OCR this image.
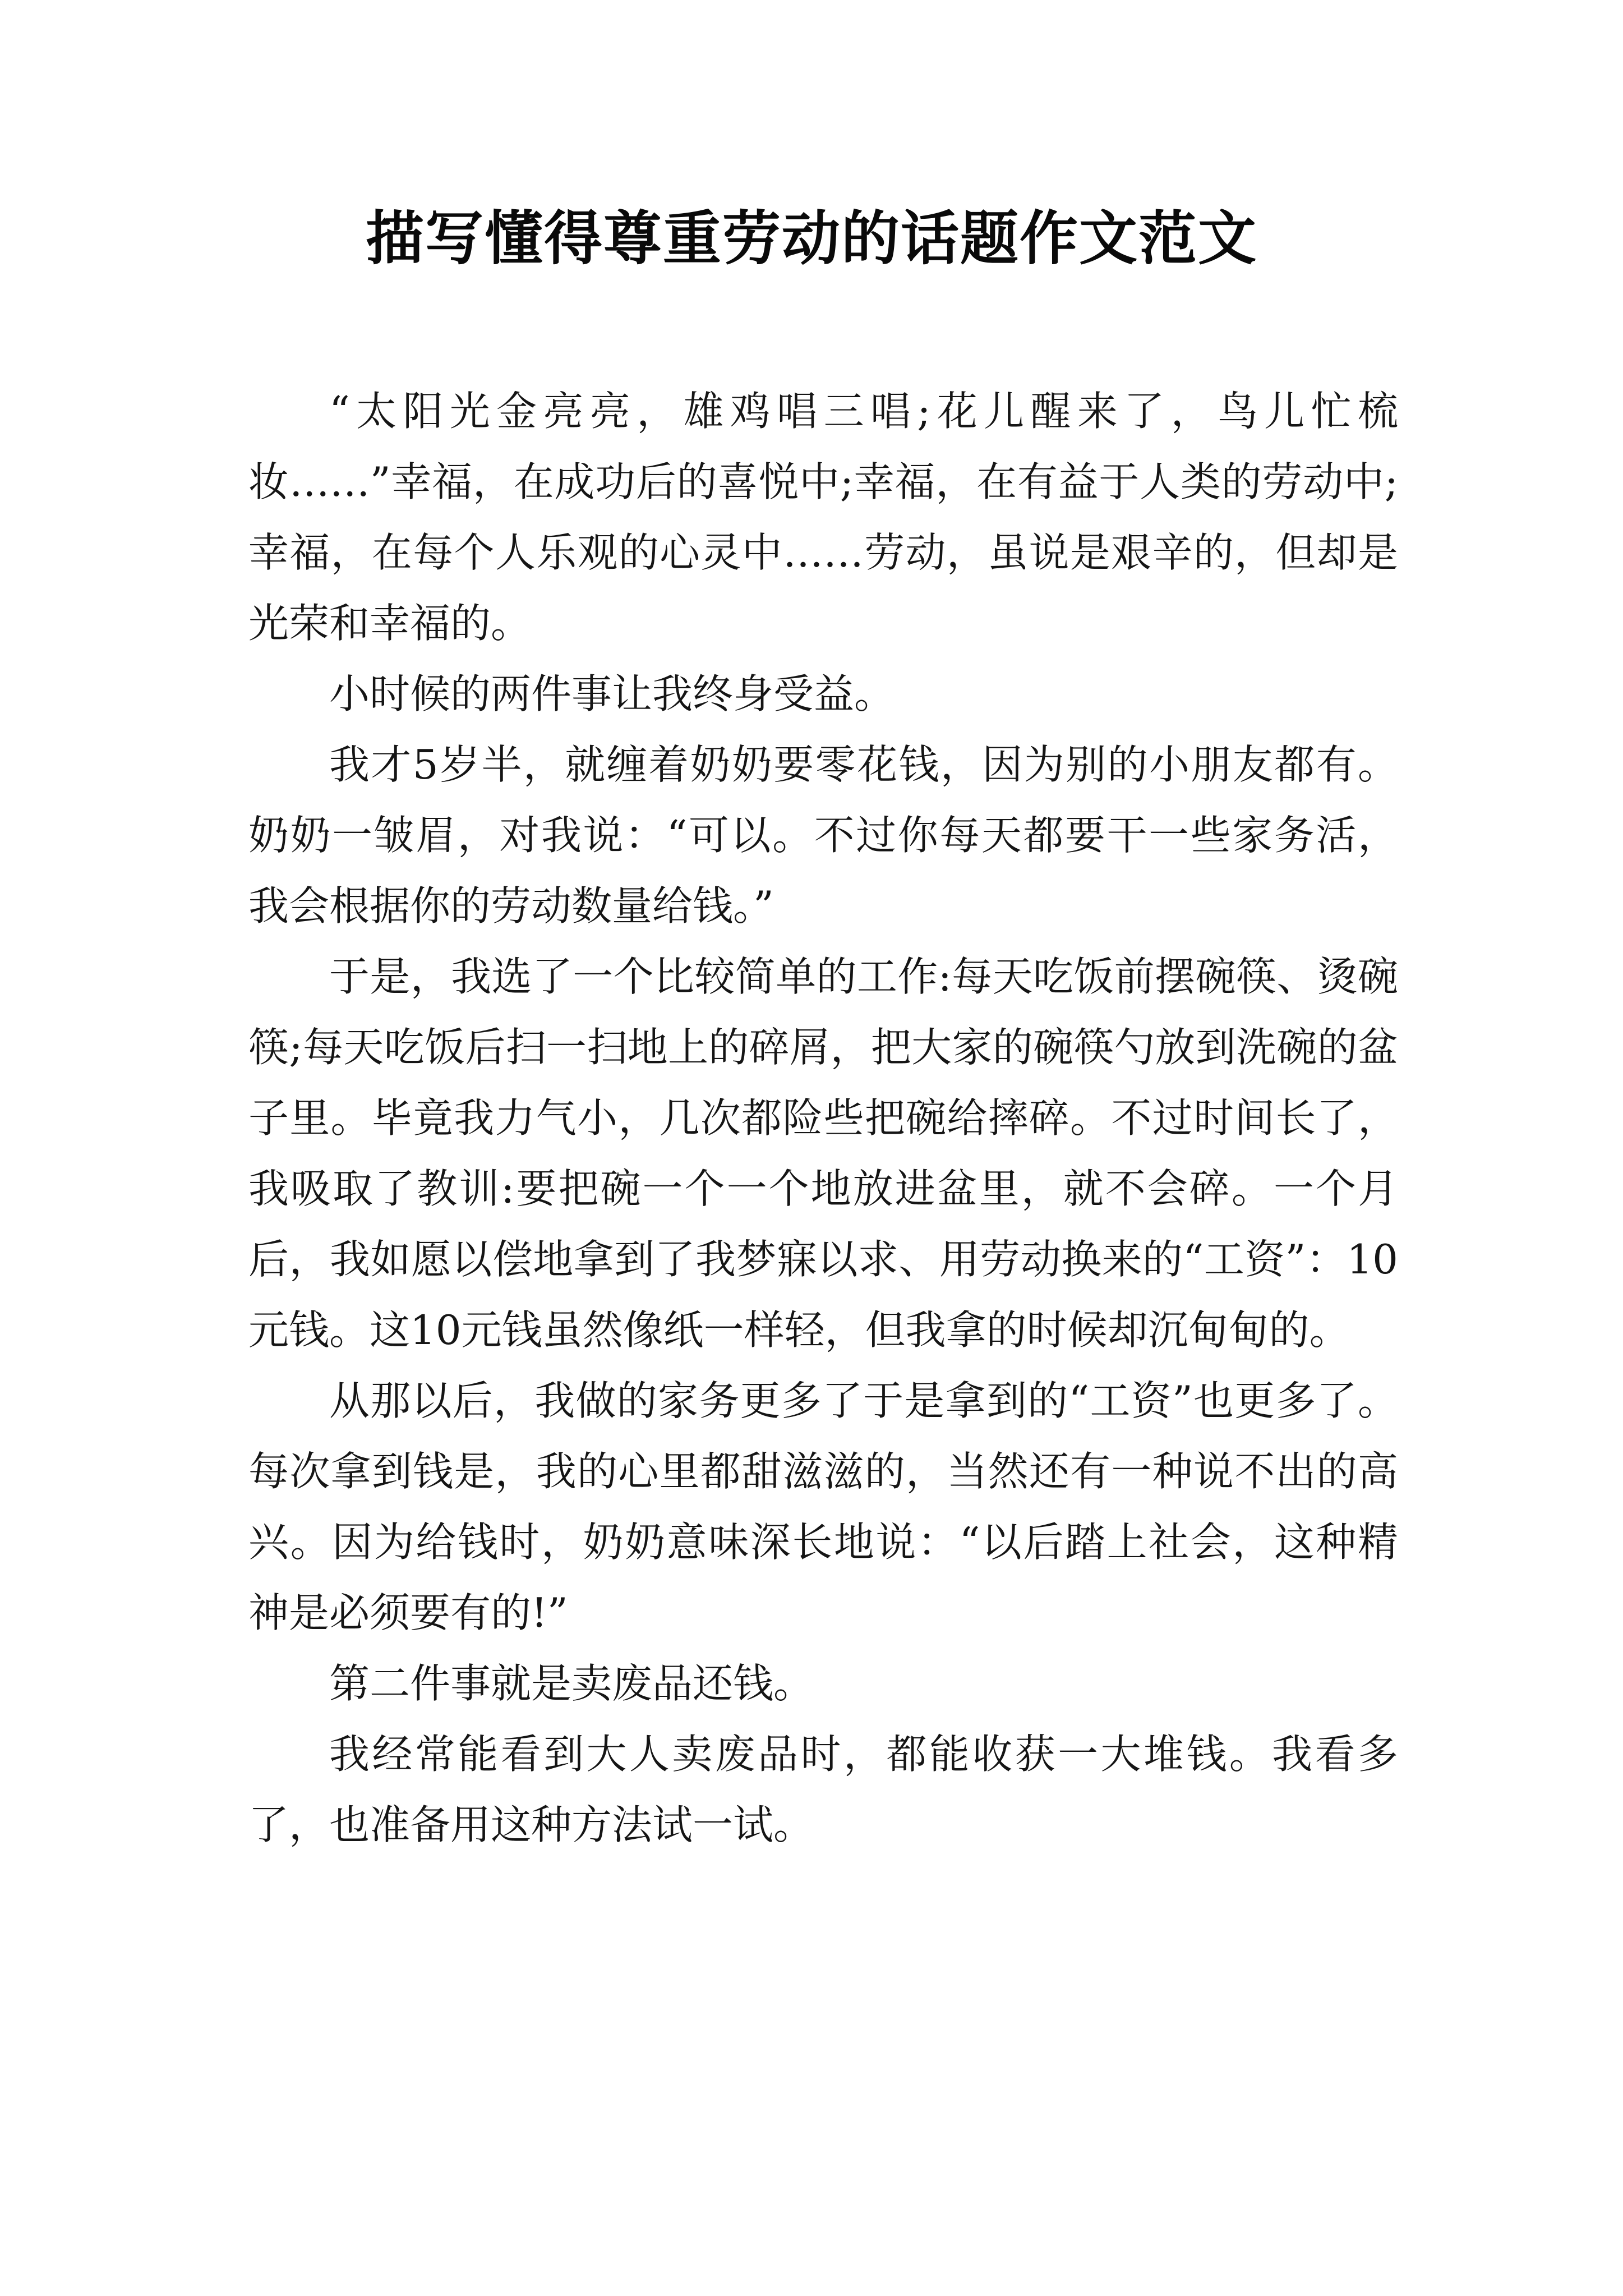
描写懂得尊重劳动的话题作文范文

“太阳光金亮亮，雄鸡唱三唱;花儿醒来了，鸟儿忙梳妆……”幸福，在成功后的喜悦中;幸福，在有益于人类的劳动中;幸福，在每个人乐观的心灵中……劳动，虽说是艰辛的，但却是光荣和幸福的。

小时候的两件事让我终身受益。

我才5岁半，就缠着奶奶要零花钱，因为别的小朋友都有。奶奶一皱眉，对我说：“可以。不过你每天都要干一些家务活，我会根据你的劳动数量给钱。”

于是，我选了一个比较简单的工作:每天吃饭前摆碗筷、烫碗筷;每天吃饭后扫一扫地上的碎屑，把大家的碗筷勺放到洗碗的盆子里。毕竟我力气小，几次都险些把碗给摔碎。不过时间长了，我吸取了教训:要把碗一个一个地放进盆里，就不会碎。一个月后，我如愿以偿地拿到了我梦寐以求、用劳动换来的“工资”：10元钱。这10元钱虽然像纸一样轻，但我拿的时候却沉甸甸的。

从那以后，我做的家务更多了于是拿到的“工资”也更多了。每次拿到钱是，我的心里都甜滋滋的，当然还有一种说不出的高兴。因为给钱时，奶奶意味深长地说：“以后踏上社会，这种精神是必须要有的!”

第二件事就是卖废品还钱。

我经常能看到大人卖废品时，都能收获一大堆钱。我看多了，也准备用这种方法试一试。
